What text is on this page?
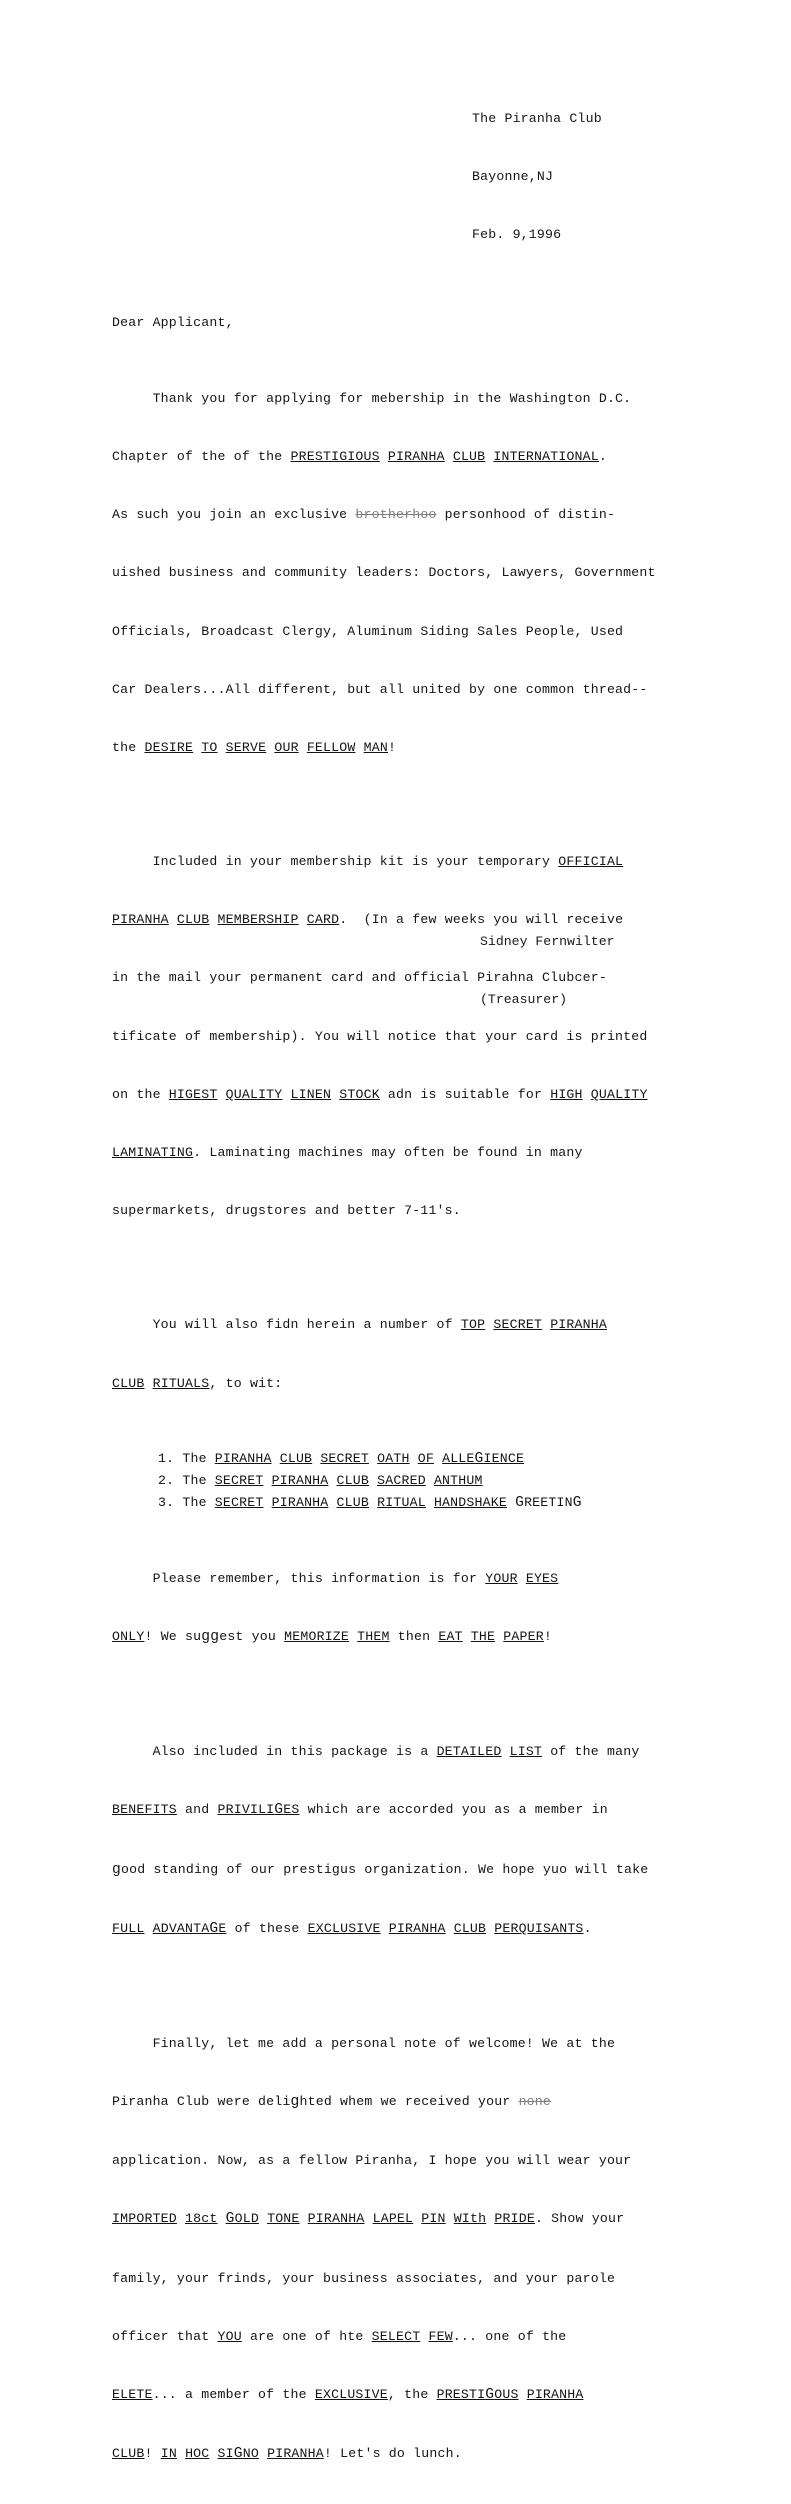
The Piranha Club

Bayonne,NJ

Feb. 9,1996

Dear Applicant,

Thank you for applying for mebership in the Washington D.C.

Chapter of the of the PRESTIGIOUS PIRANHA CLUB INTERNATIONAL.

As such you join an exclusive brotherhoo personhood of distin-

uished business and community leaders: Doctors, Lawyers, Government

Officials, Broadcast Clergy, Aluminum Siding Sales People, Used

Car Dealers...All different, but all united by one common thread--

the DESIRE TO SERVE OUR FELLOW MAN!

Included in your membership kit is your temporary OFFICIAL

PIRANHA CLUB MEMBERSHIP CARD.  (In a few weeks you will receive

in the mail your permanent card and official Pirahna Clubcer-

tificate of membership). You will notice that your card is printed

on the HIGEST QUALITY LINEN STOCK adn is suitable for HIGH QUALITY

LAMINATING. Laminating machines may often be found in many

supermarkets, drugstores and better 7-11's.

You will also fidn herein a number of TOP SECRET PIRANHA

CLUB RITUALS, to wit:

1. The PIRANHA CLUB SECRET OATH OF ALLEGIENCE
2. The SECRET PIRANHA CLUB SACRED ANTHUM
3. The SECRET PIRANHA CLUB RITUAL HANDSHAKE GREETING

Please remember, this information is for YOUR EYES

ONLY! We suggest you MEMORIZE THEM then EAT THE PAPER!

Also included in this package is a DETAILED LIST of the many

BENEFITS and PRIVILIGES which are accorded you as a member in

good standing of our prestigus organization. We hope yuo will take

FULL ADVANTAGE of these EXCLUSIVE PIRANHA CLUB PERQUISANTS.

Finally, let me add a personal note of welcome! We at the

Piranha Club were delighted whem we received your none

application. Now, as a fellow Piranha, I hope you will wear your

IMPORTED 18ct GOLD TONE PIRANHA LAPEL PIN WIth PRIDE. Show your

family, your frinds, your business associates, and your parole

officer that YOU are one of hte SELECT FEW... one of the

ELETE... a member of the EXCLUSIVE, the PRESTIGOUS PIRANHA

CLUB! IN HOC SIGNO PIRANHA! Let's do lunch.

Sidney Fernwilter

(Treasurer)
